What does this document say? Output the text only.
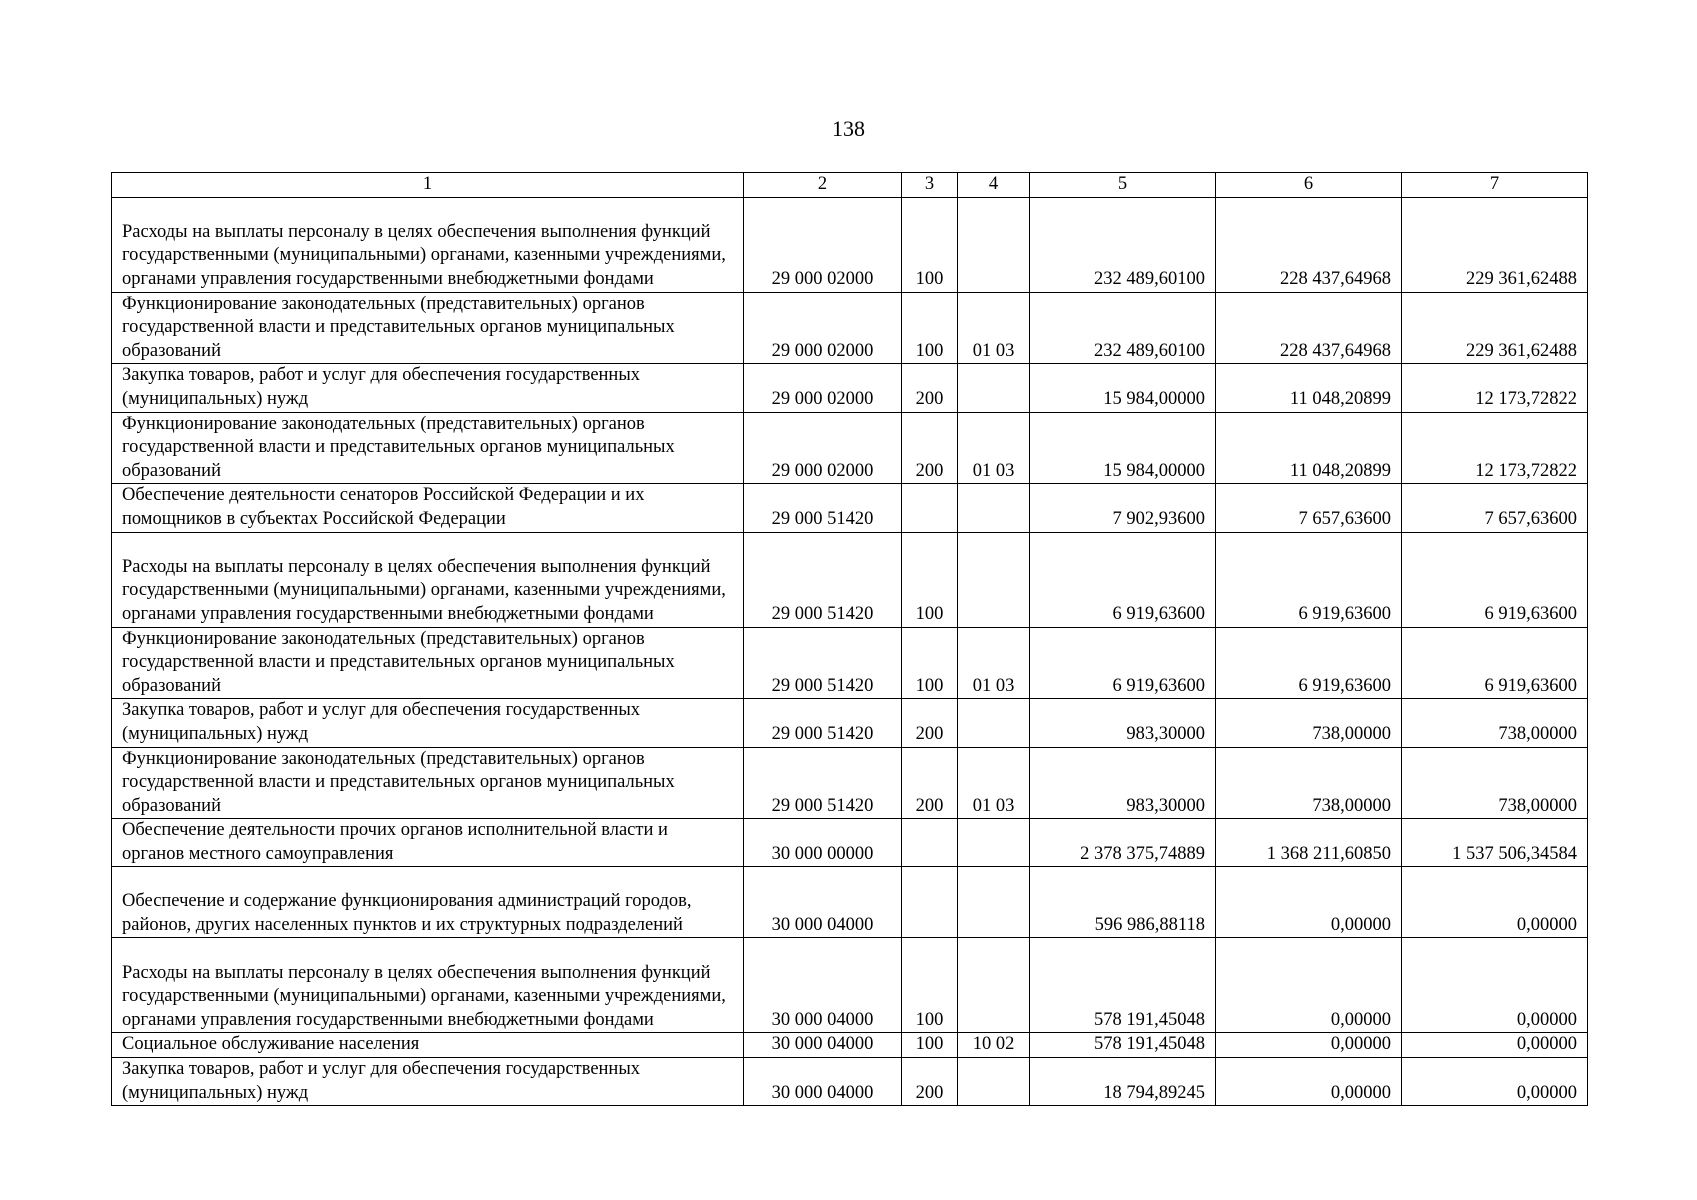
138
1	2	3	4	5	6	7
Расходы на выплаты персоналу в целях обеспечения выполнения функций государственными (муниципальными) органами, казенными учреждениями, органами управления государственными внебюджетными фондами	29 000 02000	100		232 489,60100	228 437,64968	229 361,62488
Функционирование законодательных (представительных) органов государственной власти и представительных органов муниципальных образований	29 000 02000	100	01 03	232 489,60100	228 437,64968	229 361,62488
Закупка товаров, работ и услуг для обеспечения государственных (муниципальных) нужд	29 000 02000	200		15 984,00000	11 048,20899	12 173,72822
Функционирование законодательных (представительных) органов государственной власти и представительных органов муниципальных образований	29 000 02000	200	01 03	15 984,00000	11 048,20899	12 173,72822
Обеспечение деятельности сенаторов Российской Федерации и их помощников в субъектах Российской Федерации	29 000 51420			7 902,93600	7 657,63600	7 657,63600
Расходы на выплаты персоналу в целях обеспечения выполнения функций государственными (муниципальными) органами, казенными учреждениями, органами управления государственными внебюджетными фондами	29 000 51420	100		6 919,63600	6 919,63600	6 919,63600
Функционирование законодательных (представительных) органов государственной власти и представительных органов муниципальных образований	29 000 51420	100	01 03	6 919,63600	6 919,63600	6 919,63600
Закупка товаров, работ и услуг для обеспечения государственных (муниципальных) нужд	29 000 51420	200		983,30000	738,00000	738,00000
Функционирование законодательных (представительных) органов государственной власти и представительных органов муниципальных образований	29 000 51420	200	01 03	983,30000	738,00000	738,00000
Обеспечение деятельности прочих органов исполнительной власти и органов местного самоуправления	30 000 00000			2 378 375,74889	1 368 211,60850	1 537 506,34584
Обеспечение и содержание функционирования администраций городов, районов, других населенных пунктов и их структурных подразделений	30 000 04000			596 986,88118	0,00000	0,00000
Расходы на выплаты персоналу в целях обеспечения выполнения функций государственными (муниципальными) органами, казенными учреждениями, органами управления государственными внебюджетными фондами	30 000 04000	100		578 191,45048	0,00000	0,00000
Социальное обслуживание населения	30 000 04000	100	10 02	578 191,45048	0,00000	0,00000
Закупка товаров, работ и услуг для обеспечения государственных (муниципальных) нужд	30 000 04000	200		18 794,89245	0,00000	0,00000
